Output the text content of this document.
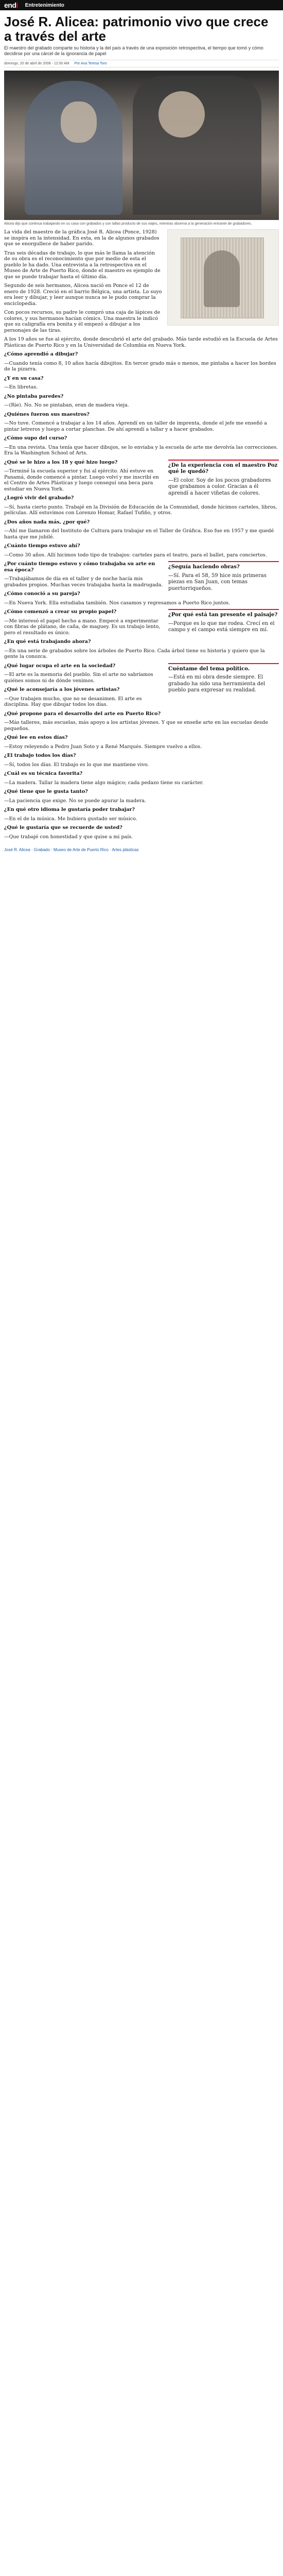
endi Entretenimiento
José R. Alicea: patrimonio vivo que crece a través del arte
El maestro del grabado comparte su historia y la del país a través de una exposición retrospectiva, el tiempo que tomó y cómo decidirse por una cárcel de la ignorancia de papel
domingo, 20 de abril de 2008 - 12:00 AM Por Ana Teresa Toro
Alicea dijo que continua trabajando en su casa con grabados y con tallas producto de sus viajes, mientras observa a la generación entrante de grabadores.

La vida del maestro de la gráfica José R. Alicea (Ponce, 1928) se inspira en la intensidad. En esta, en la de algunos grabados que se enorgullece de haber parido.

Tras seis décadas de trabajo, lo que más le llama la atención de su obra es el reconocimiento que por medio de esta el pueblo le ha dado. Una entrevista a la retrospectiva en el Museo de Arte de Puerto Rico, donde el maestro es ejemplo de que se puede trabajar hasta el último día.

Segundo de seis hermanos, Alicea nació en Ponce el 12 de enero de 1928. Creció en el barrio Bélgica, una artista. Lo suyo era leer y dibujar, y leer aunque nunca se le pudo comprar la enciclopedia.

Con pocos recursos, su padre le compró una caja de lápices de colores, y sus hermanos hacían cómics. Una maestra le indicó que su caligrafía era bonita y él empezó a dibujar a los personajes de las tiras.

A los 19 años se fue al ejército, donde descubrió el arte del grabado. Más tarde estudió en la Escuela de Artes Plásticas de Puerto Rico y en la Universidad de Columbia en Nueva York.

¿Cómo aprendió a dibujar?

—Cuando tenía como 8, 10 años hacía dibujitos. En tercer grado más o menos, me pintaba a hacer los bordes de la pizarra.

¿Y en su casa?

—En libretas.

¿No pintaba paredes?

—(Ríe). No. No se pintaban, eran de madera vieja.

¿Quiénes fueron sus maestros?

—No tuve. Comencé a trabajar a los 14 años. Aprendí en un taller de imprenta, donde el jefe me enseñó a pintar letreros y luego a cortar planchas. De ahí aprendí a tallar y a hacer grabados.

¿Cómo supo del curso?

—En una revista. Una tenía que hacer dibujos, se lo enviaba y la escuela de arte me devolvía las correcciones. Era la Washington School of Arts.

¿De la experiencia con el maestro Poz qué le quedó?

—El color. Soy de los pocos grabadores que grabamos a color. Gracias a él aprendí a hacer viñetas de colores.

¿Qué se le hizo a los 18 y qué hizo luego?

—Terminé la escuela superior y fui al ejército. Ahí estuve en Panamá, donde comencé a pintar. Luego volví y me inscribí en el Centro de Artes Plásticas y luego conseguí una beca para estudiar en Nueva York.

¿Logró vivir del grabado?

—Sí, hasta cierto punto. Trabajé en la División de Educación de la Comunidad, donde hicimos carteles, libros, películas. Allí estuvimos con Lorenzo Homar, Rafael Tufiño, y otros.

¿Dos años nada más, ¿por qué?

—Ahí me llamaron del Instituto de Cultura para trabajar en el Taller de Gráfica. Eso fue en 1957 y me quedé hasta que me jubilé.

¿Cuánto tiempo estuvo ahí?

—Como 30 años. Allí hicimos todo tipo de trabajos: carteles para el teatro, para el ballet, para conciertos.

¿Seguía haciendo obras?

—Sí. Para el 58, 59 hice mis primeras piezas en San Juan, con temas puertorriqueños.

¿Por cuánto tiempo estuvo y cómo trabajaba su arte en esa época?

—Trabajábamos de día en el taller y de noche hacía mis grabados propios. Muchas veces trabajaba hasta la madrugada.

¿Cómo conoció a su pareja?

—En Nueva York. Ella estudiaba también. Nos casamos y regresamos a Puerto Rico juntos.

¿Por qué está tan presente el paisaje?

—Porque es lo que me rodea. Crecí en el campo y el campo está siempre en mí.

¿Cómo comenzó a crear su propio papel?

—Me interesó el papel hecho a mano. Empecé a experimentar con fibras de plátano, de caña, de maguey. Es un trabajo lento, pero el resultado es único.

¿En qué está trabajando ahora?

—En una serie de grabados sobre los árboles de Puerto Rico. Cada árbol tiene su historia y quiero que la gente la conozca.

Cuéntame del tema político.

—Está en mi obra desde siempre. El grabado ha sido una herramienta del pueblo para expresar su realidad.

¿Qué lugar ocupa el arte en la sociedad?

—El arte es la memoria del pueblo. Sin el arte no sabríamos quiénes somos ni de dónde venimos.

¿Qué le aconsejaría a los jóvenes artistas?

—Que trabajen mucho, que no se desanimen. El arte es disciplina. Hay que dibujar todos los días.

¿Qué propone para el desarrollo del arte en Puerto Rico?

—Más talleres, más escuelas, más apoyo a los artistas jóvenes. Y que se enseñe arte en las escuelas desde pequeños.

¿Qué lee en estos días?

—Estoy releyendo a Pedro Juan Soto y a René Marqués. Siempre vuelvo a ellos.

¿El trabajo todos los días?

—Sí, todos los días. El trabajo es lo que me mantiene vivo.

¿Cuál es su técnica favorita?

—La madera. Tallar la madera tiene algo mágico; cada pedazo tiene su carácter.

¿Qué tiene que le gusta tanto?

—La paciencia que exige. No se puede apurar la madera.

¿En qué otro idioma le gustaría poder trabajar?

—En el de la música. Me hubiera gustado ser músico.

¿Qué le gustaría que se recuerde de usted?

—Que trabajé con honestidad y que quise a mi país.

José R. Alicea · Grabado · Museo de Arte de Puerto Rico · Artes plásticas
